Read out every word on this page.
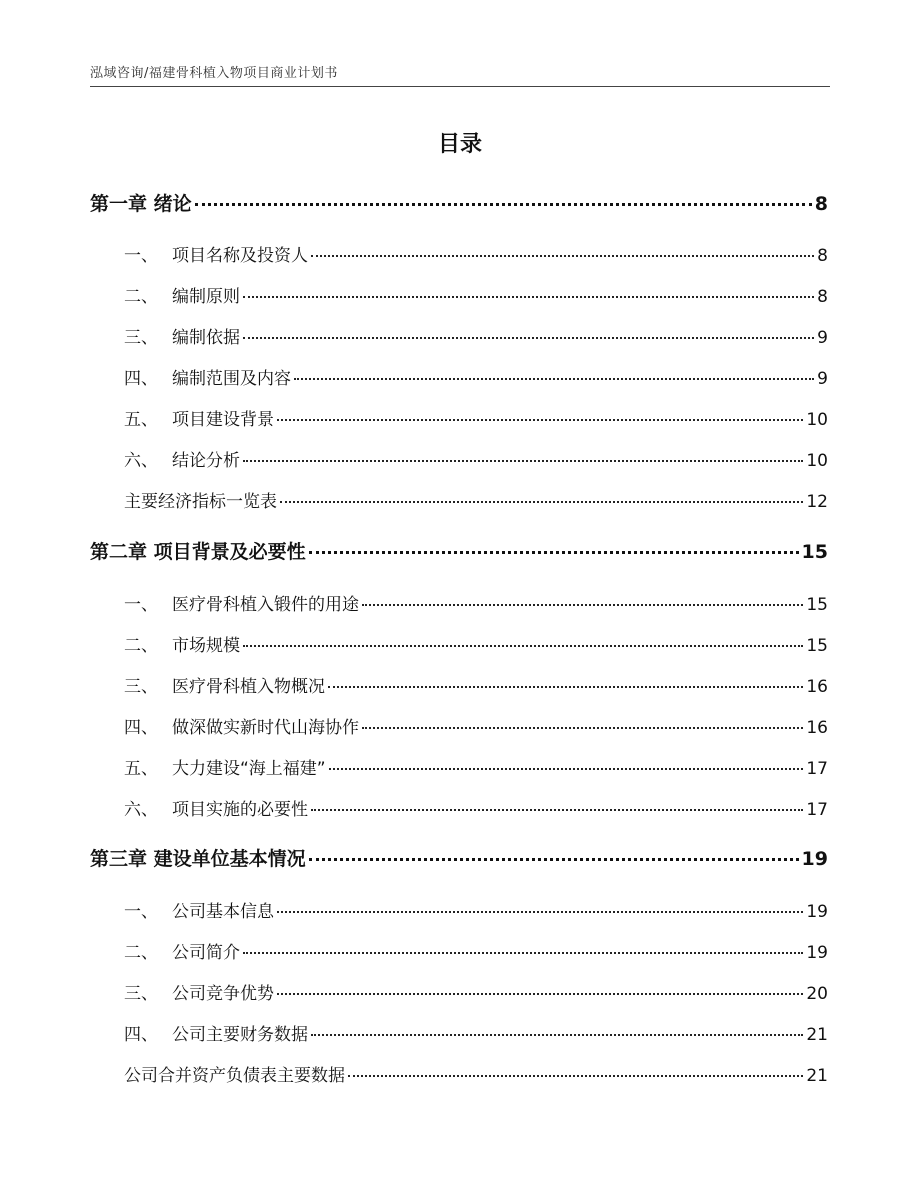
泓域咨询/福建骨科植入物项目商业计划书
目录
第一章 绪论	8
一、 项目名称及投资人	8
二、 编制原则	8
三、 编制依据	9
四、 编制范围及内容	9
五、 项目建设背景	10
六、 结论分析	10
主要经济指标一览表	12
第二章 项目背景及必要性	15
一、 医疗骨科植入锻件的用途	15
二、 市场规模	15
三、 医疗骨科植入物概况	16
四、 做深做实新时代山海协作	16
五、 大力建设“海上福建”	17
六、 项目实施的必要性	17
第三章 建设单位基本情况	19
一、 公司基本信息	19
二、 公司简介	19
三、 公司竞争优势	20
四、 公司主要财务数据	21
公司合并资产负债表主要数据	21
